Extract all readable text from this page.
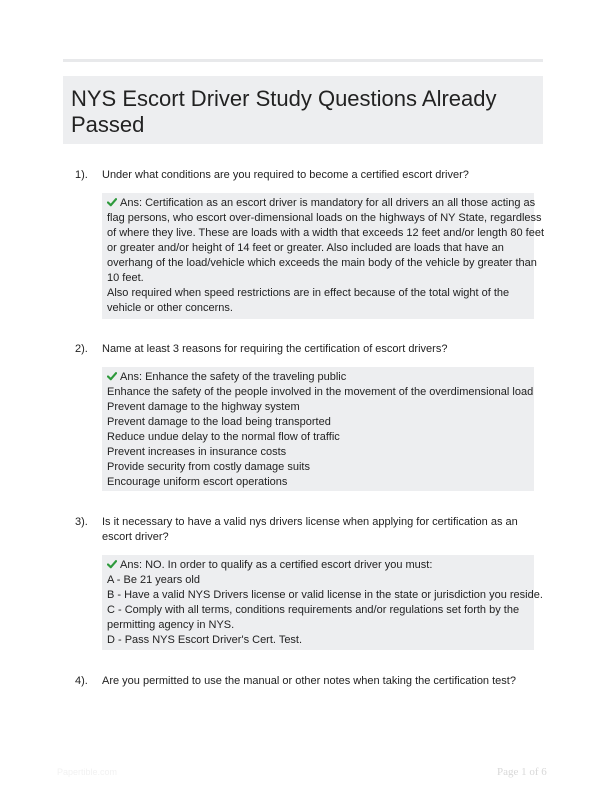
NYS Escort Driver Study Questions Already Passed
1). Under what conditions are you required to become a certified escort driver?
Ans: Certification as an escort driver is mandatory for all drivers an all those acting as
flag persons, who escort over-dimensional loads on the highways of NY State, regardless
of where they live. These are loads with a width that exceeds 12 feet and/or length 80 feet
or greater and/or height of 14 feet or greater. Also included are loads that have an
overhang of the load/vehicle which exceeds the main body of the vehicle by greater than
10 feet.
Also required when speed restrictions are in effect because of the total wight of the
vehicle or other concerns.
2). Name at least 3 reasons for requiring the certification of escort drivers?
Ans: Enhance the safety of the traveling public
Enhance the safety of the people involved in the movement of the overdimensional load
Prevent damage to the highway system
Prevent damage to the load being transported
Reduce undue delay to the normal flow of traffic
Prevent increases in insurance costs
Provide security from costly damage suits
Encourage uniform escort operations
3). Is it necessary to have a valid nys drivers license when applying for certification as an
escort driver?
Ans: NO. In order to qualify as a certified escort driver you must:
A - Be 21 years old
B - Have a valid NYS Drivers license or valid license in the state or jurisdiction you reside.
C - Comply with all terms, conditions requirements and/or regulations set forth by the
permitting agency in NYS.
D - Pass NYS Escort Driver's Cert. Test.
4). Are you permitted to use the manual or other notes when taking the certification test?
Papertible.com	Page 1 of 6
